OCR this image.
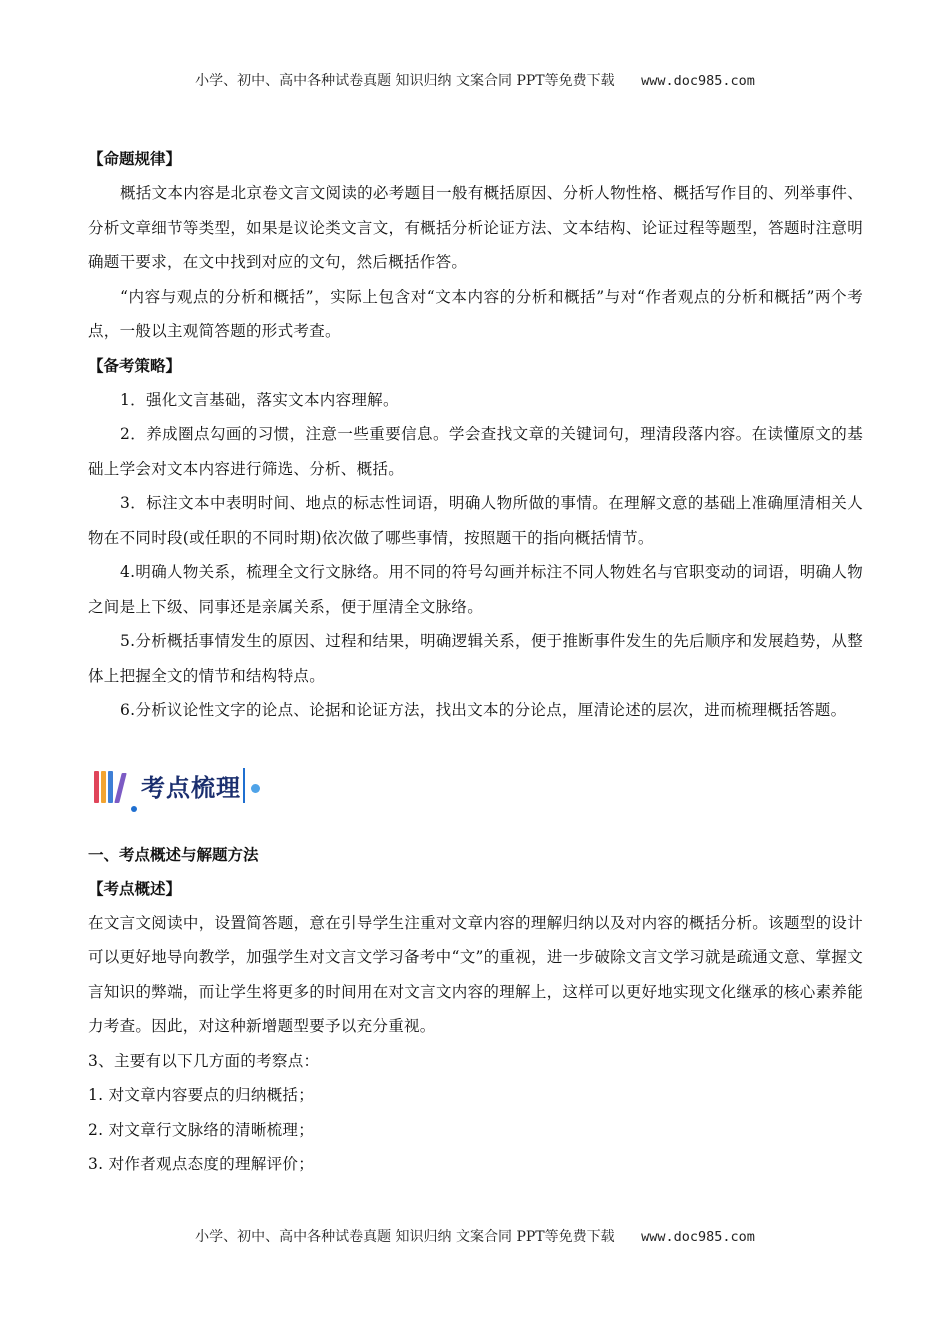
小学、初中、高中各种试卷真题 知识归纳 文案合同 PPT等免费下载 www.doc985.com

【命题规律】

概括文本内容是北京卷文言文阅读的必考题目一般有概括原因、分析人物性格、概括写作目的、列举事件、分析文章细节等类型，如果是议论类文言文，有概括分析论证方法、文本结构、论证过程等题型，答题时注意明确题干要求，在文中找到对应的文句，然后概括作答。

“内容与观点的分析和概括”，实际上包含对“文本内容的分析和概括”与对“作者观点的分析和概括”两个考点，一般以主观简答题的形式考查。

【备考策略】

1．强化文言基础，落实文本内容理解。

2．养成圈点勾画的习惯，注意一些重要信息。学会查找文章的关键词句，理清段落内容。在读懂原文的基础上学会对文本内容进行筛选、分析、概括。

3．标注文本中表明时间、地点的标志性词语，明确人物所做的事情。在理解文意的基础上准确厘清相关人物在不同时段(或任职的不同时期)依次做了哪些事情，按照题干的指向概括情节。

4.明确人物关系，梳理全文行文脉络。用不同的符号勾画并标注不同人物姓名与官职变动的词语，明确人物之间是上下级、同事还是亲属关系，便于厘清全文脉络。

5.分析概括事情发生的原因、过程和结果，明确逻辑关系，便于推断事件发生的先后顺序和发展趋势，从整体上把握全文的情节和结构特点。

6.分析议论性文字的论点、论据和论证方法，找出文本的分论点，厘清论述的层次，进而梳理概括答题。

考点梳理

一、考点概述与解题方法

【考点概述】

在文言文阅读中，设置简答题，意在引导学生注重对文章内容的理解归纳以及对内容的概括分析。该题型的设计可以更好地导向教学，加强学生对文言文学习备考中“文”的重视，进一步破除文言文学习就是疏通文意、掌握文言知识的弊端，而让学生将更多的时间用在对文言文内容的理解上，这样可以更好地实现文化继承的核心素养能力考查。因此，对这种新增题型要予以充分重视。

3、主要有以下几方面的考察点：

1. 对文章内容要点的归纳概括；

2. 对文章行文脉络的清晰梳理；

3. 对作者观点态度的理解评价；

小学、初中、高中各种试卷真题 知识归纳 文案合同 PPT等免费下载 www.doc985.com
